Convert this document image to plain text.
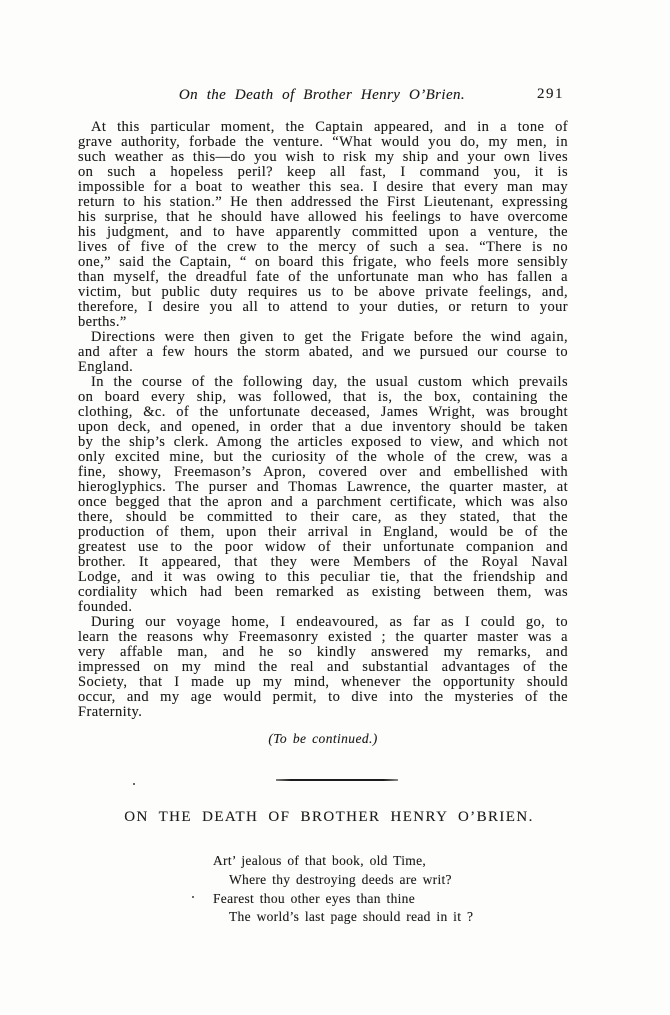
On the Death of Brother Henry O’Brien.	291

At this particular moment, the Captain appeared, and in a tone of grave authority, forbade the venture. “What would you do, my men, in such weather as this—do you wish to risk my ship and your own lives on such a hopeless peril? keep all fast, I command you, it is impossible for a boat to weather this sea. I desire that every man may return to his station.” He then addressed the First Lieutenant, expressing his surprise, that he should have allowed his feelings to have overcome his judgment, and to have apparently committed upon a venture, the lives of five of the crew to the mercy of such a sea. “There is no one,” said the Captain, “ on board this frigate, who feels more sensibly than myself, the dreadful fate of the unfortunate man who has fallen a victim, but public duty requires us to be above private feelings, and, therefore, I desire you all to attend to your duties, or return to your berths.”

Directions were then given to get the Frigate before the wind again, and after a few hours the storm abated, and we pursued our course to England.

In the course of the following day, the usual custom which prevails on board every ship, was followed, that is, the box, containing the clothing, &c. of the unfortunate deceased, James Wright, was brought upon deck, and opened, in order that a due inventory should be taken by the ship’s clerk. Among the articles exposed to view, and which not only excited mine, but the curiosity of the whole of the crew, was a fine, showy, Freemason’s Apron, covered over and embellished with hieroglyphics. The purser and Thomas Lawrence, the quarter master, at once begged that the apron and a parchment certificate, which was also there, should be committed to their care, as they stated, that the production of them, upon their arrival in England, would be of the greatest use to the poor widow of their unfortunate companion and brother. It appeared, that they were Members of the Royal Naval Lodge, and it was owing to this peculiar tie, that the friendship and cordiality which had been remarked as existing between them, was founded.

During our voyage home, I endeavoured, as far as I could go, to learn the reasons why Freemasonry existed ; the quarter master was a very affable man, and he so kindly answered my remarks, and impressed on my mind the real and substantial advantages of the Society, that I made up my mind, whenever the opportunity should occur, and my age would permit, to dive into the mysteries of the Fraternity.

(To be continued.)
ON THE DEATH OF BROTHER HENRY O’BRIEN.
Art’ jealous of that book, old Time,
Where thy destroying deeds are writ?
Fearest thou other eyes than thine
The world’s last page should read in it ?
